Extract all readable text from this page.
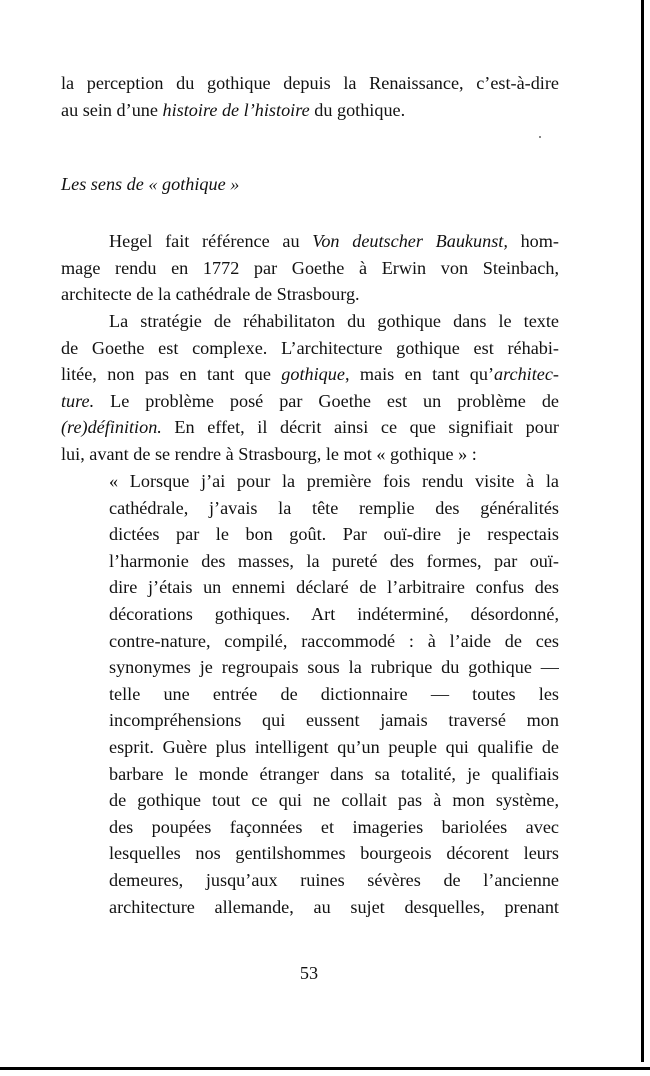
la perception du gothique depuis la Renaissance, c’est-à-dire
au sein d’une histoire de l’histoire du gothique.
Les sens de « gothique »
Hegel fait référence au Von deutscher Baukunst, hom-
mage rendu en 1772 par Goethe à Erwin von Steinbach,
architecte de la cathédrale de Strasbourg.
La stratégie de réhabilitaton du gothique dans le texte
de Goethe est complexe. L’architecture gothique est réhabi-
litée, non pas en tant que gothique, mais en tant qu’architec-
ture. Le problème posé par Goethe est un problème de
(re)définition. En effet, il décrit ainsi ce que signifiait pour
lui, avant de se rendre à Strasbourg, le mot « gothique » :
« Lorsque j’ai pour la première fois rendu visite à la
cathédrale, j’avais la tête remplie des généralités
dictées par le bon goût. Par ouï-dire je respectais
l’harmonie des masses, la pureté des formes, par ouï-
dire j’étais un ennemi déclaré de l’arbitraire confus des
décorations gothiques. Art indéterminé, désordonné,
contre-nature, compilé, raccommodé : à l’aide de ces
synonymes je regroupais sous la rubrique du gothique —
telle une entrée de dictionnaire — toutes les
incompréhensions qui eussent jamais traversé mon
esprit. Guère plus intelligent qu’un peuple qui qualifie de
barbare le monde étranger dans sa totalité, je qualifiais
de gothique tout ce qui ne collait pas à mon système,
des poupées façonnées et imageries bariolées avec
lesquelles nos gentilshommes bourgeois décorent leurs
demeures, jusqu’aux ruines sévères de l’ancienne
architecture allemande, au sujet desquelles, prenant
53
